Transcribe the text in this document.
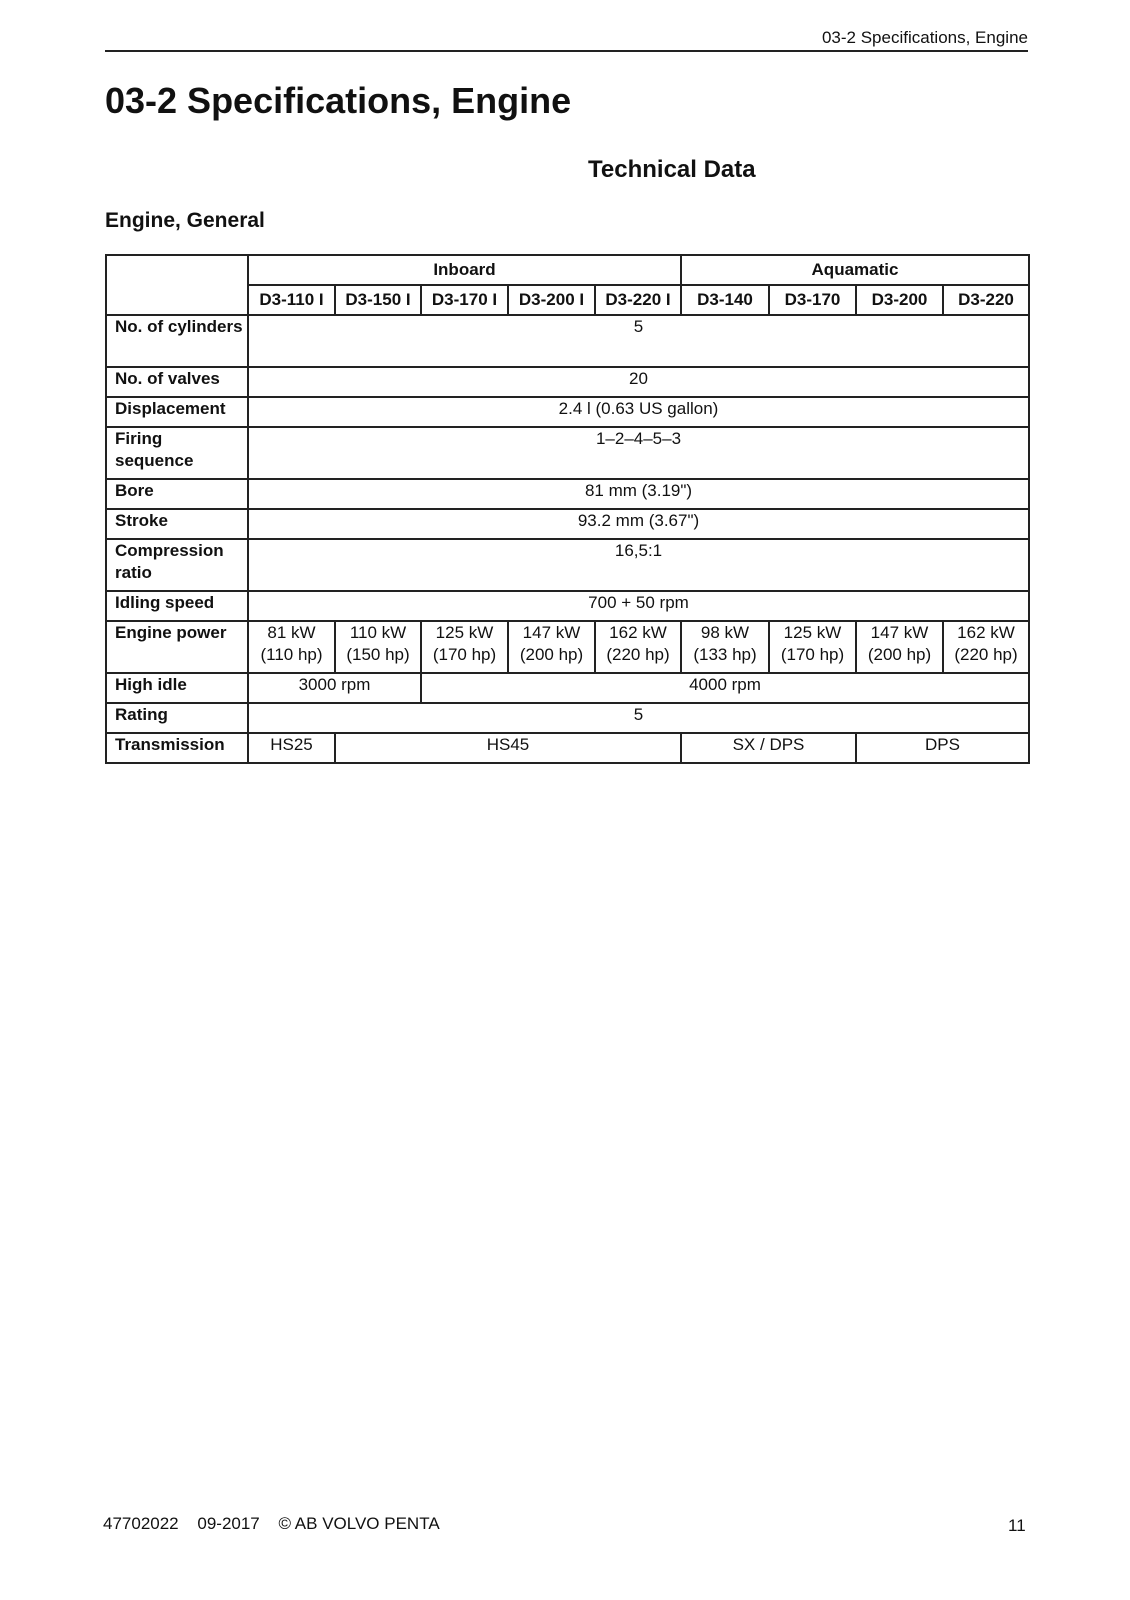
03-2 Specifications, Engine
03-2 Specifications, Engine
Technical Data
Engine, General
	Inboard					Aquamatic			
	D3-110 I	D3-150 I	D3-170 I	D3-200 I	D3-220 I	D3-140	D3-170	D3-200	D3-220
No. of cylinders	5								
No. of valves	20								
Displacement	2.4 l (0.63 US gallon)								
Firing sequence	1–2–4–5–3								
Bore	81 mm (3.19")								
Stroke	93.2 mm (3.67")								
Compression ratio	16,5:1								
Idling speed	700 + 50 rpm								
Engine power	81 kW (110 hp)	110 kW (150 hp)	125 kW (170 hp)	147 kW (200 hp)	162 kW (220 hp)	98 kW (133 hp)	125 kW (170 hp)	147 kW (200 hp)	162 kW (220 hp)
High idle	3000 rpm		4000 rpm						
Rating	5								
Transmission	HS25	HS45				SX / DPS		DPS	
47702022 09-2017 © AB VOLVO PENTA	11
